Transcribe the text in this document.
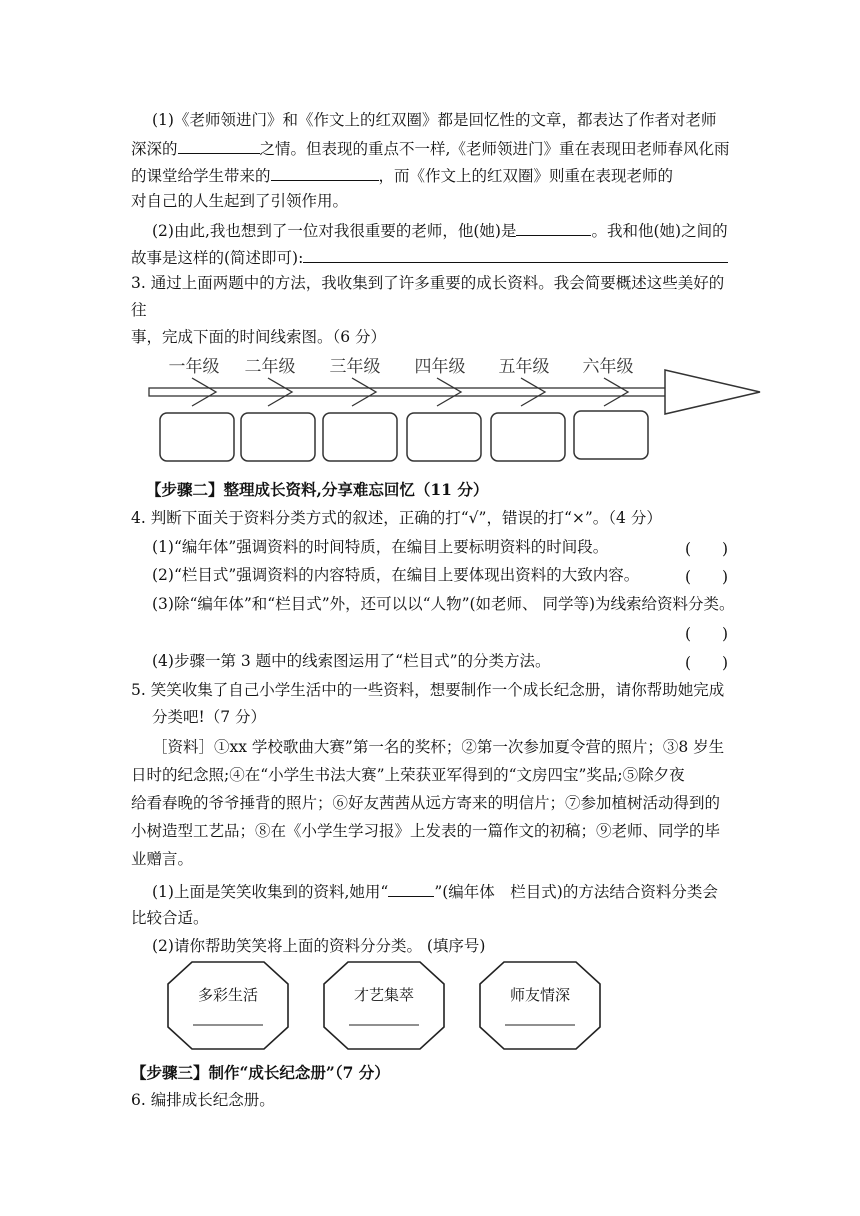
(1)《老师领进门》和《作文上的红双圈》都是回忆性的文章，都表达了作者对老师
深深的	之情。但表现的重点不一样,《老师领进门》重在表现田老师春风化雨
的课堂给学生带来的	，而《作文上的红双圈》则重在表现老师的
对自己的人生起到了引领作用。
(2)由此,我也想到了一位对我很重要的老师，他(她)是	。我和他(她)之间的
故事是这样的(简述即可):
3. 通过上面两题中的方法，我收集到了许多重要的成长资料。我会简要概述这些美好的
往
事，完成下面的时间线索图。（6 分）
一年级 二年级 三年级 四年级 五年级 六年级
【步骤二】整理成长资料,分享难忘回忆（11 分）
4. 判断下面关于资料分类方式的叙述，正确的打“√”，错误的打“×”。（4 分）
(1)“编年体”强调资料的时间特质，在编目上要标明资料的时间段。	(　　)
(2)“栏目式”强调资料的内容特质，在编目上要体现出资料的大致内容。	(　　)
(3)除“编年体”和“栏目式”外，还可以以“人物”(如老师、 同学等)为线索给资料分类。
(　　)
(4)步骤一第 3 题中的线索图运用了“栏目式”的分类方法。	(　　)
5. 笑笑收集了自己小学生活中的一些资料，想要制作一个成长纪念册，请你帮助她完成
分类吧!（7 分）
［资料］①xx 学校歌曲大赛”第一名的奖杯；②第一次参加夏令营的照片；③8 岁生
日时的纪念照;④在“小学生书法大赛”上荣获亚军得到的“文房四宝”奖品;⑤除夕夜
给看春晚的爷爷捶背的照片；⑥好友茜茜从远方寄来的明信片；⑦参加植树活动得到的
小树造型工艺品；⑧在《小学生学习报》上发表的一篇作文的初稿；⑨老师、同学的毕
业赠言。
(1)上面是笑笑收集到的资料,她用“	”(编年体　栏目式)的方法结合资料分类会
比较合适。
(2)请你帮助笑笑将上面的资料分分类。 (填序号)
多彩生活	才艺集萃	师友情深
【步骤三】制作“成长纪念册”（7 分）
6. 编排成长纪念册。
